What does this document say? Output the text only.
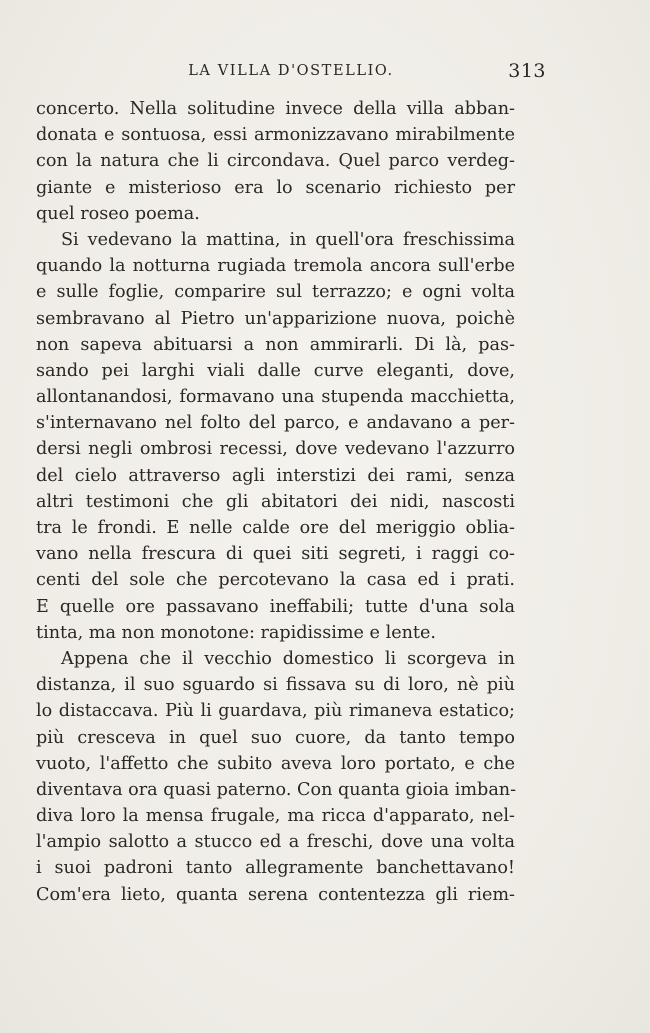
LA VILLA D'OSTELLIO.	313
concerto. Nella solitudine invece della villa abban-
donata e sontuosa, essi armonizzavano mirabilmente
con la natura che li circondava. Quel parco verdeg-
giante e misterioso era lo scenario richiesto per
quel roseo poema.
Si vedevano la mattina, in quell'ora freschissima
quando la notturna rugiada tremola ancora sull'erbe
e sulle foglie, comparire sul terrazzo; e ogni volta
sembravano al Pietro un'apparizione nuova, poichè
non sapeva abituarsi a non ammirarli. Di là, pas-
sando pei larghi viali dalle curve eleganti, dove,
allontanandosi, formavano una stupenda macchietta,
s'internavano nel folto del parco, e andavano a per-
dersi negli ombrosi recessi, dove vedevano l'azzurro
del cielo attraverso agli interstizi dei rami, senza
altri testimoni che gli abitatori dei nidi, nascosti
tra le frondi. E nelle calde ore del meriggio oblia-
vano nella frescura di quei siti segreti, i raggi co-
centi del sole che percotevano la casa ed i prati.
E quelle ore passavano ineffabili; tutte d'una sola
tinta, ma non monotone: rapidissime e lente.
Appena che il vecchio domestico li scorgeva in
distanza, il suo sguardo si fissava su di loro, nè più
lo distaccava. Più li guardava, più rimaneva estatico;
più cresceva in quel suo cuore, da tanto tempo
vuoto, l'affetto che subito aveva loro portato, e che
diventava ora quasi paterno. Con quanta gioia imban-
diva loro la mensa frugale, ma ricca d'apparato, nel-
l'ampio salotto a stucco ed a freschi, dove una volta
i suoi padroni tanto allegramente banchettavano!
Com'era lieto, quanta serena contentezza gli riem-
